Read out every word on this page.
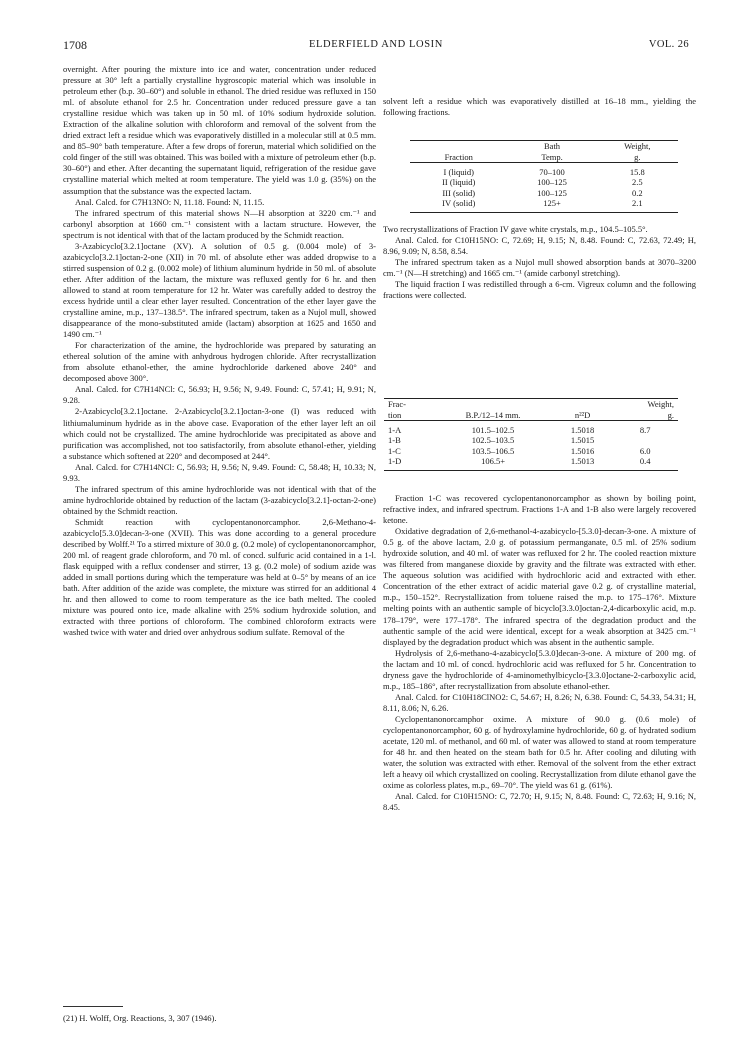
1708	ELDERFIELD AND LOSIN	VOL. 26

overnight. After pouring the mixture into ice and water, concentration under reduced pressure at 30° left a partially crystalline hygroscopic material which was insoluble in petroleum ether (b.p. 30–60°) and soluble in ethanol. The dried residue was refluxed in 150 ml. of absolute ethanol for 2.5 hr. Concentration under reduced pressure gave a tan crystalline residue which was taken up in 50 ml. of 10% sodium hydroxide solution. Extraction of the alkaline solution with chloroform and removal of the solvent from the dried extract left a residue which was evaporatively distilled in a molecular still at 0.5 mm. and 85–90° bath temperature. After a few drops of forerun, material which solidified on the cold finger of the still was obtained. This was boiled with a mixture of petroleum ether (b.p. 30–60°) and ether. After decanting the supernatant liquid, refrigeration of the residue gave crystalline material which melted at room temperature. The yield was 1.0 g. (35%) on the assumption that the substance was the expected lactam.

Anal. Calcd. for C7H13NO: N, 11.18. Found: N, 11.15.

The infrared spectrum of this material shows N—H absorption at 3220 cm.⁻¹ and carbonyl absorption at 1660 cm.⁻¹ consistent with a lactam structure. However, the spectrum is not identical with that of the lactam produced by the Schmidt reaction.

3-Azabicyclo[3.2.1]octane (XV). A solution of 0.5 g. (0.004 mole) of 3-azabicyclo[3.2.1]octan-2-one (XII) in 70 ml. of absolute ether was added dropwise to a stirred suspension of 0.2 g. (0.002 mole) of lithium aluminum hydride in 50 ml. of absolute ether. After addition of the lactam, the mixture was refluxed gently for 6 hr. and then allowed to stand at room temperature for 12 hr. Water was carefully added to destroy the excess hydride until a clear ether layer resulted. Concentration of the ether layer gave the crystalline amine, m.p., 137–138.5°. The infrared spectrum, taken as a Nujol mull, showed disappearance of the mono-substituted amide (lactam) absorption at 1625 and 1650 and 1490 cm.⁻¹

For characterization of the amine, the hydrochloride was prepared by saturating an ethereal solution of the amine with anhydrous hydrogen chloride. After recrystallization from absolute ethanol-ether, the amine hydrochloride darkened above 240° and decomposed above 300°.

Anal. Calcd. for C7H14NCl: C, 56.93; H, 9.56; N, 9.49. Found: C, 57.41; H, 9.91; N, 9.28.

2-Azabicyclo[3.2.1]octane. 2-Azabicyclo[3.2.1]octan-3-one (I) was reduced with lithiumaluminum hydride as in the above case. Evaporation of the ether layer left an oil which could not be crystallized. The amine hydrochloride was precipitated as above and purification was accomplished, not too satisfactorily, from absolute ethanol-ether, yielding a substance which softened at 220° and decomposed at 244°.

Anal. Calcd. for C7H14NCl: C, 56.93; H, 9.56; N, 9.49. Found: C, 58.48; H, 10.33; N, 9.93.

The infrared spectrum of this amine hydrochloride was not identical with that of the amine hydrochloride obtained by reduction of the lactam (3-azabicyclo[3.2.1]-octan-2-one) obtained by the Schmidt reaction.

Schmidt reaction with cyclopentanonorcamphor. 2,6-Methano-4-azabicyclo[5.3.0]decan-3-one (XVII). This was done according to a general procedure described by Wolff.²¹ To a stirred mixture of 30.0 g. (0.2 mole) of cyclopentanonorcamphor, 200 ml. of reagent grade chloroform, and 70 ml. of concd. sulfuric acid contained in a 1-l. flask equipped with a reflux condenser and stirrer, 13 g. (0.2 mole) of sodium azide was added in small portions during which the temperature was held at 0–5° by means of an ice bath. After addition of the azide was complete, the mixture was stirred for an additional 4 hr. and then allowed to come to room temperature as the ice bath melted. The cooled mixture was poured onto ice, made alkaline with 25% sodium hydroxide solution, and extracted with three portions of chloroform. The combined chloroform extracts were washed twice with water and dried over anhydrous sodium sulfate. Removal of the

(21) H. Wolff, Org. Reactions, 3, 307 (1946).
solvent left a residue which was evaporatively distilled at 16–18 mm., yielding the following fractions.
	Bath	Weight,
Fraction	Temp.	g.

I (liquid)	70–100	15.8
II (liquid)	100–125	2.5
III (solid)	100–125	0.2
IV (solid)	125+	2.1

Two recrystallizations of Fraction IV gave white crystals, m.p., 104.5–105.5°.

Anal. Calcd. for C10H15NO: C, 72.69; H, 9.15; N, 8.48. Found: C, 72.63, 72.49; H, 8.96, 9.09; N, 8.58, 8.54.

The infrared spectrum taken as a Nujol mull showed absorption bands at 3070–3200 cm.⁻¹ (N—H stretching) and 1665 cm.⁻¹ (amide carbonyl stretching).

The liquid fraction I was redistilled through a 6-cm. Vigreux column and the following fractions were collected.

Frac-			Weight,
tion	B.P./12–14 mm.	n²²D	g.

1-A	101.5–102.5	1.5018	8.7
1-B	102.5–103.5	1.5015	
1-C	103.5–106.5	1.5016	6.0
1-D	106.5+	1.5013	0.4

Fraction 1-C was recovered cyclopentanonorcamphor as shown by boiling point, refractive index, and infrared spectrum. Fractions 1-A and 1-B also were largely recovered ketone.

Oxidative degradation of 2,6-methanol-4-azabicyclo-[5.3.0]-decan-3-one. A mixture of 0.5 g. of the above lactam, 2.0 g. of potassium permanganate, 0.5 ml. of 25% sodium hydroxide solution, and 40 ml. of water was refluxed for 2 hr. The cooled reaction mixture was filtered from manganese dioxide by gravity and the filtrate was extracted with ether. The aqueous solution was acidified with hydrochloric acid and extracted with ether. Concentration of the ether extract of acidic material gave 0.2 g. of crystalline material, m.p., 150–152°. Recrystallization from toluene raised the m.p. to 175–176°. Mixture melting points with an authentic sample of bicyclo[3.3.0]octan-2,4-dicarboxylic acid, m.p. 178–179°, were 177–178°. The infrared spectra of the degradation product and the authentic sample of the acid were identical, except for a weak absorption at 3425 cm.⁻¹ displayed by the degradation product which was absent in the authentic sample.

Hydrolysis of 2,6-methano-4-azabicyclo[5.3.0]decan-3-one. A mixture of 200 mg. of the lactam and 10 ml. of concd. hydrochloric acid was refluxed for 5 hr. Concentration to dryness gave the hydrochloride of 4-aminomethylbicyclo-[3.3.0]octane-2-carboxylic acid, m.p., 185–186°, after recrystallization from absolute ethanol-ether.

Anal. Calcd. for C10H18ClNO2: C, 54.67; H, 8.26; N, 6.38. Found: C, 54.33, 54.31; H, 8.11, 8.06; N, 6.26.

Cyclopentanonorcamphor oxime. A mixture of 90.0 g. (0.6 mole) of cyclopentanonorcamphor, 60 g. of hydroxylamine hydrochloride, 60 g. of hydrated sodium acetate, 120 ml. of methanol, and 60 ml. of water was allowed to stand at room temperature for 48 hr. and then heated on the steam bath for 0.5 hr. After cooling and diluting with water, the solution was extracted with ether. Removal of the solvent from the ether extract left a heavy oil which crystallized on cooling. Recrystallization from dilute ethanol gave the oxime as colorless plates, m.p., 69–70°. The yield was 61 g. (61%).

Anal. Calcd. for C10H15NO: C, 72.70; H, 9.15; N, 8.48. Found: C, 72.63; H, 9.16; N, 8.45.
